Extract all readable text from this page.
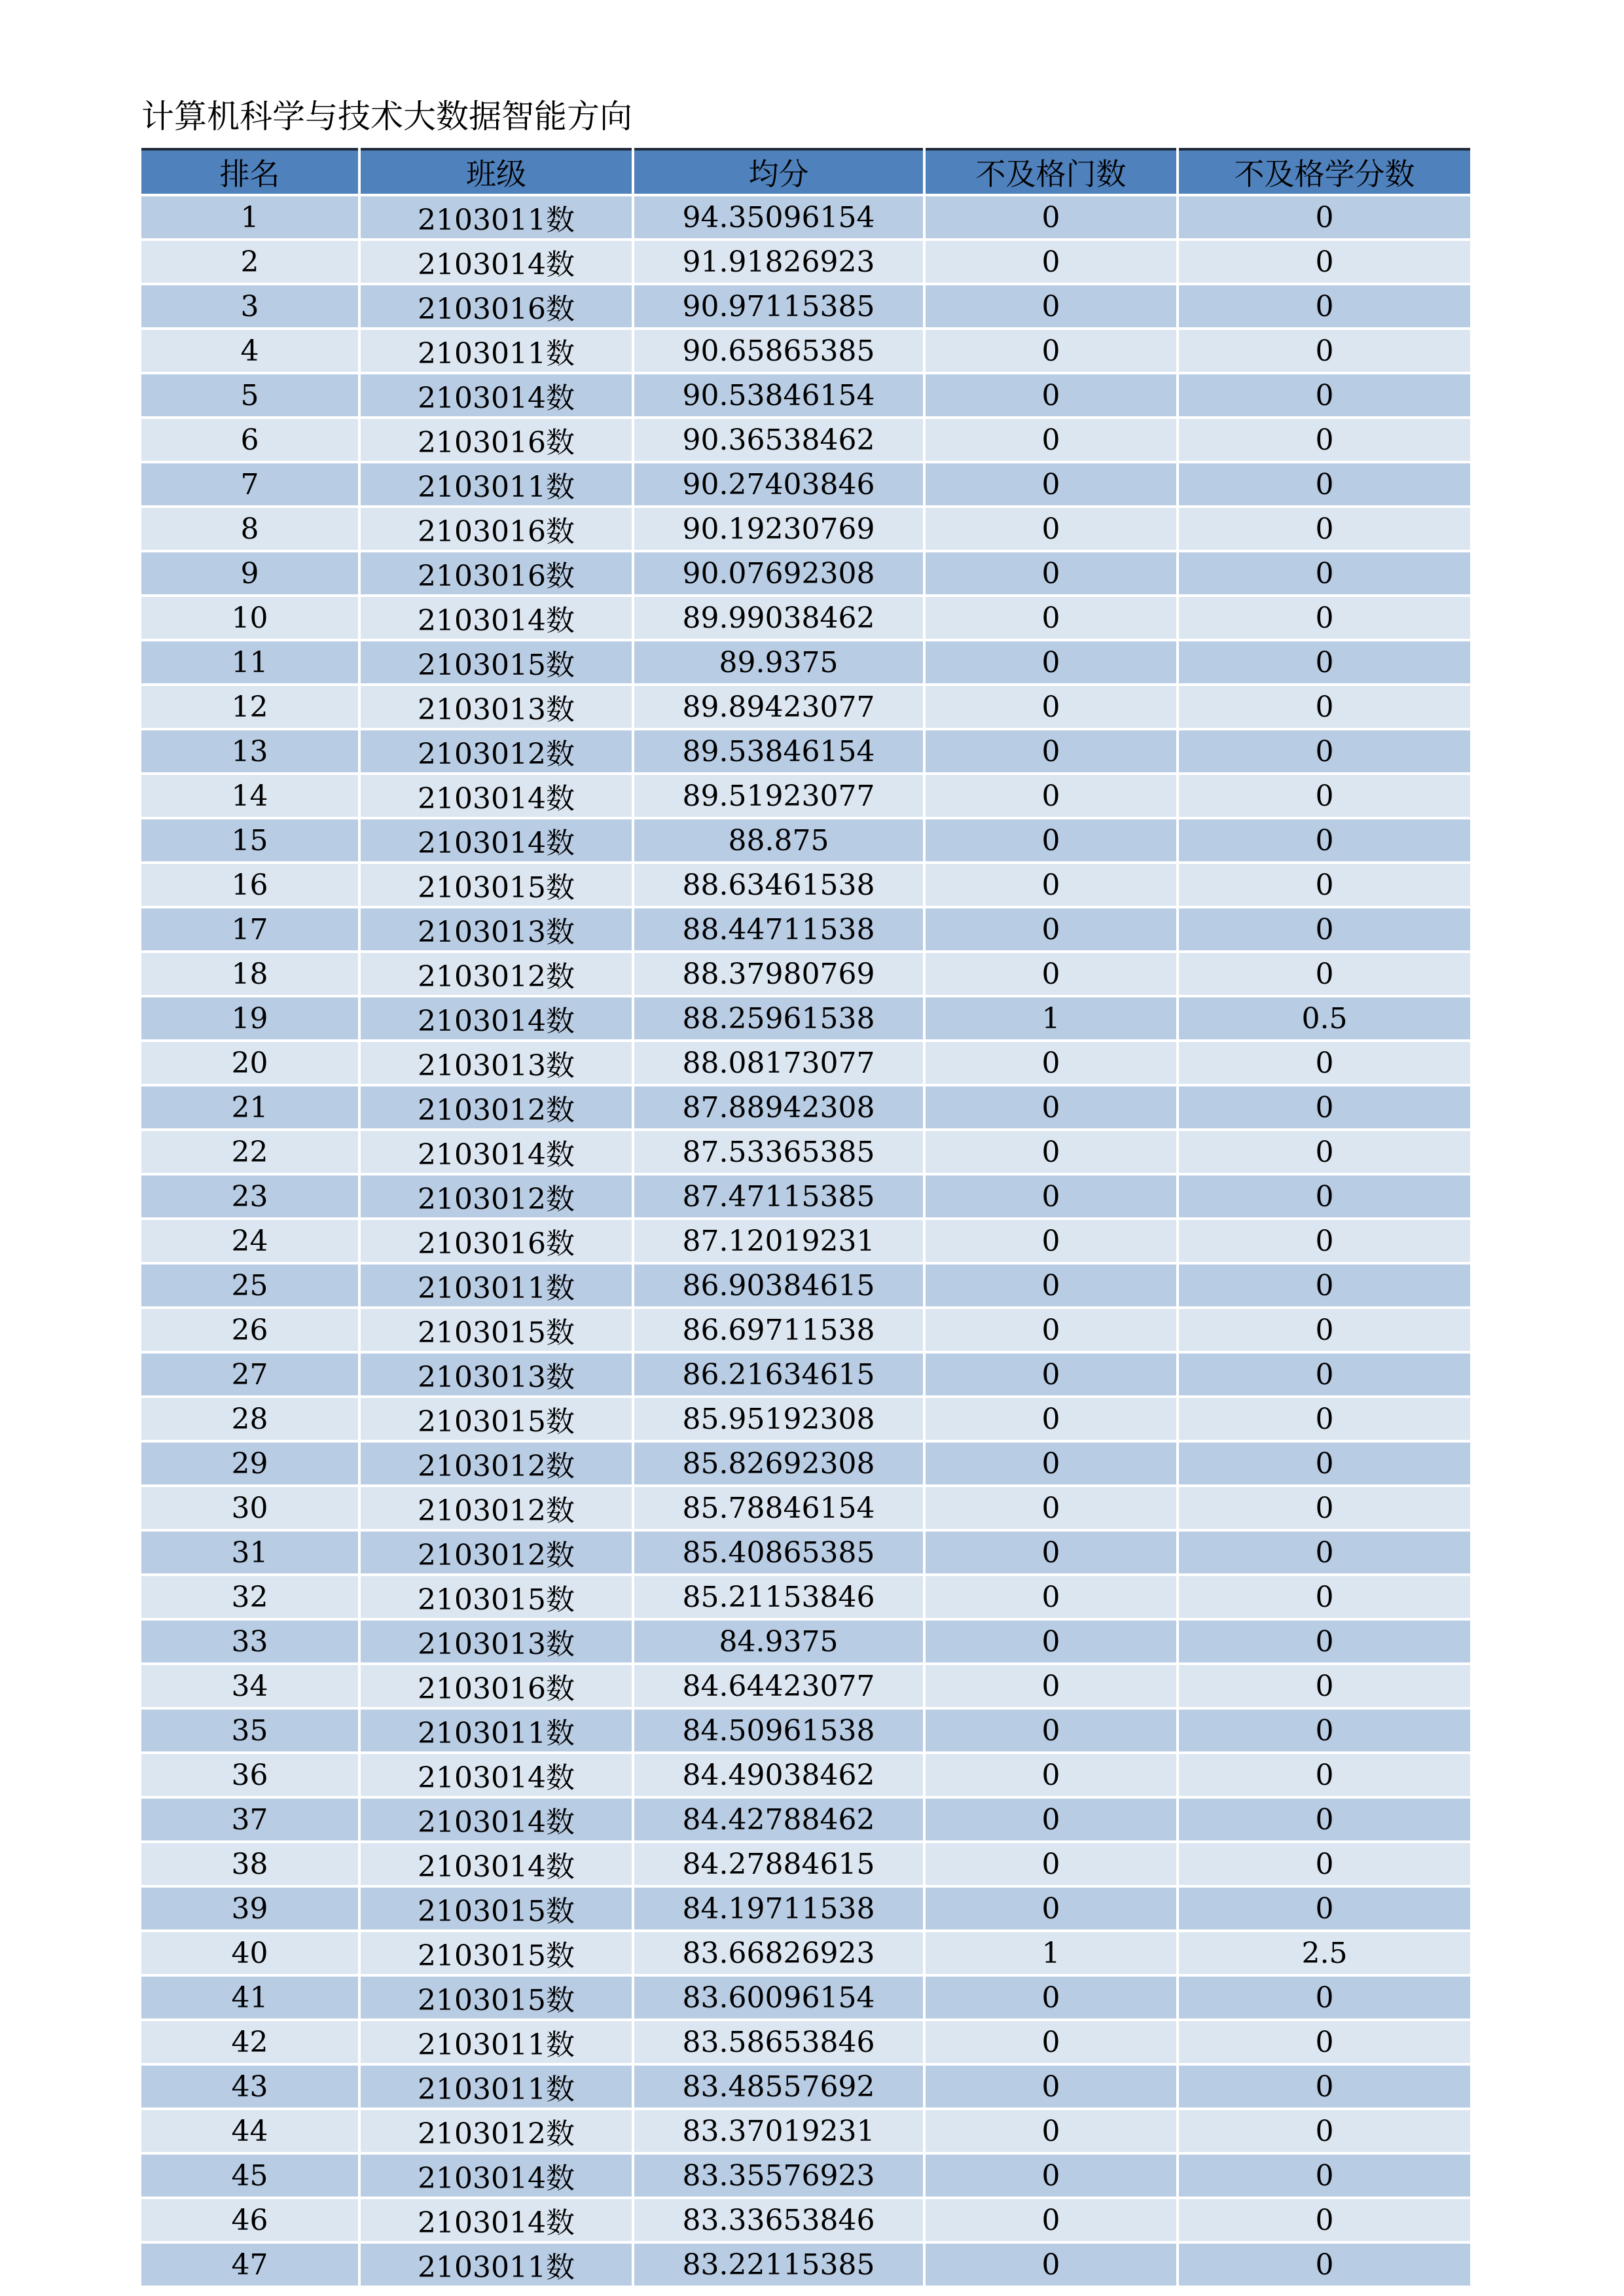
计算机科学与技术大数据智能方向
排名	班级	均分	不及格门数	不及格学分数
1	2103011数	94.35096154	0	0
2	2103014数	91.91826923	0	0
3	2103016数	90.97115385	0	0
4	2103011数	90.65865385	0	0
5	2103014数	90.53846154	0	0
6	2103016数	90.36538462	0	0
7	2103011数	90.27403846	0	0
8	2103016数	90.19230769	0	0
9	2103016数	90.07692308	0	0
10	2103014数	89.99038462	0	0
11	2103015数	89.9375	0	0
12	2103013数	89.89423077	0	0
13	2103012数	89.53846154	0	0
14	2103014数	89.51923077	0	0
15	2103014数	88.875	0	0
16	2103015数	88.63461538	0	0
17	2103013数	88.44711538	0	0
18	2103012数	88.37980769	0	0
19	2103014数	88.25961538	1	0.5
20	2103013数	88.08173077	0	0
21	2103012数	87.88942308	0	0
22	2103014数	87.53365385	0	0
23	2103012数	87.47115385	0	0
24	2103016数	87.12019231	0	0
25	2103011数	86.90384615	0	0
26	2103015数	86.69711538	0	0
27	2103013数	86.21634615	0	0
28	2103015数	85.95192308	0	0
29	2103012数	85.82692308	0	0
30	2103012数	85.78846154	0	0
31	2103012数	85.40865385	0	0
32	2103015数	85.21153846	0	0
33	2103013数	84.9375	0	0
34	2103016数	84.64423077	0	0
35	2103011数	84.50961538	0	0
36	2103014数	84.49038462	0	0
37	2103014数	84.42788462	0	0
38	2103014数	84.27884615	0	0
39	2103015数	84.19711538	0	0
40	2103015数	83.66826923	1	2.5
41	2103015数	83.60096154	0	0
42	2103011数	83.58653846	0	0
43	2103011数	83.48557692	0	0
44	2103012数	83.37019231	0	0
45	2103014数	83.35576923	0	0
46	2103014数	83.33653846	0	0
47	2103011数	83.22115385	0	0
